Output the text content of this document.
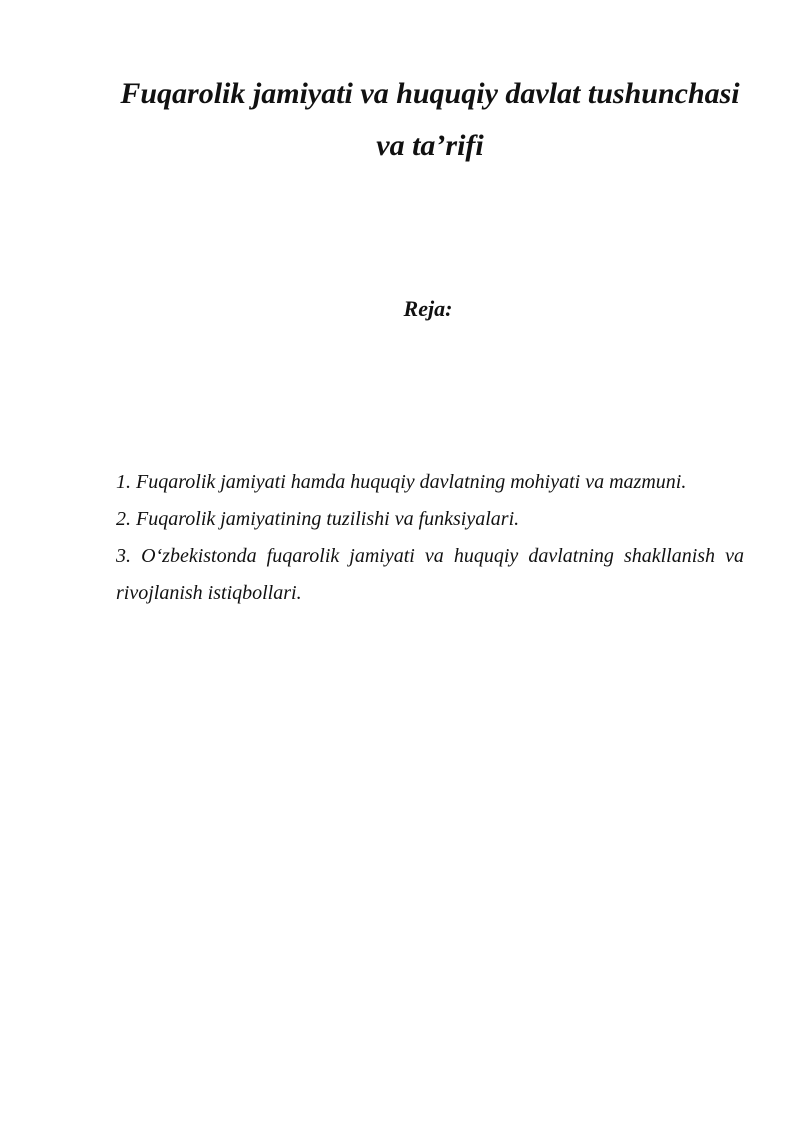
Fuqarolik jamiyati va huquqiy davlat tushunchasi
va ta’rifi
Reja:
1. Fuqarolik jamiyati hamda huquqiy davlatning mohiyati va mazmuni.
2. Fuqarolik jamiyatining tuzilishi va funksiyalari.
3. O‘zbekistonda fuqarolik jamiyati va huquqiy davlatning shakllanish va rivojlanish istiqbollari.
